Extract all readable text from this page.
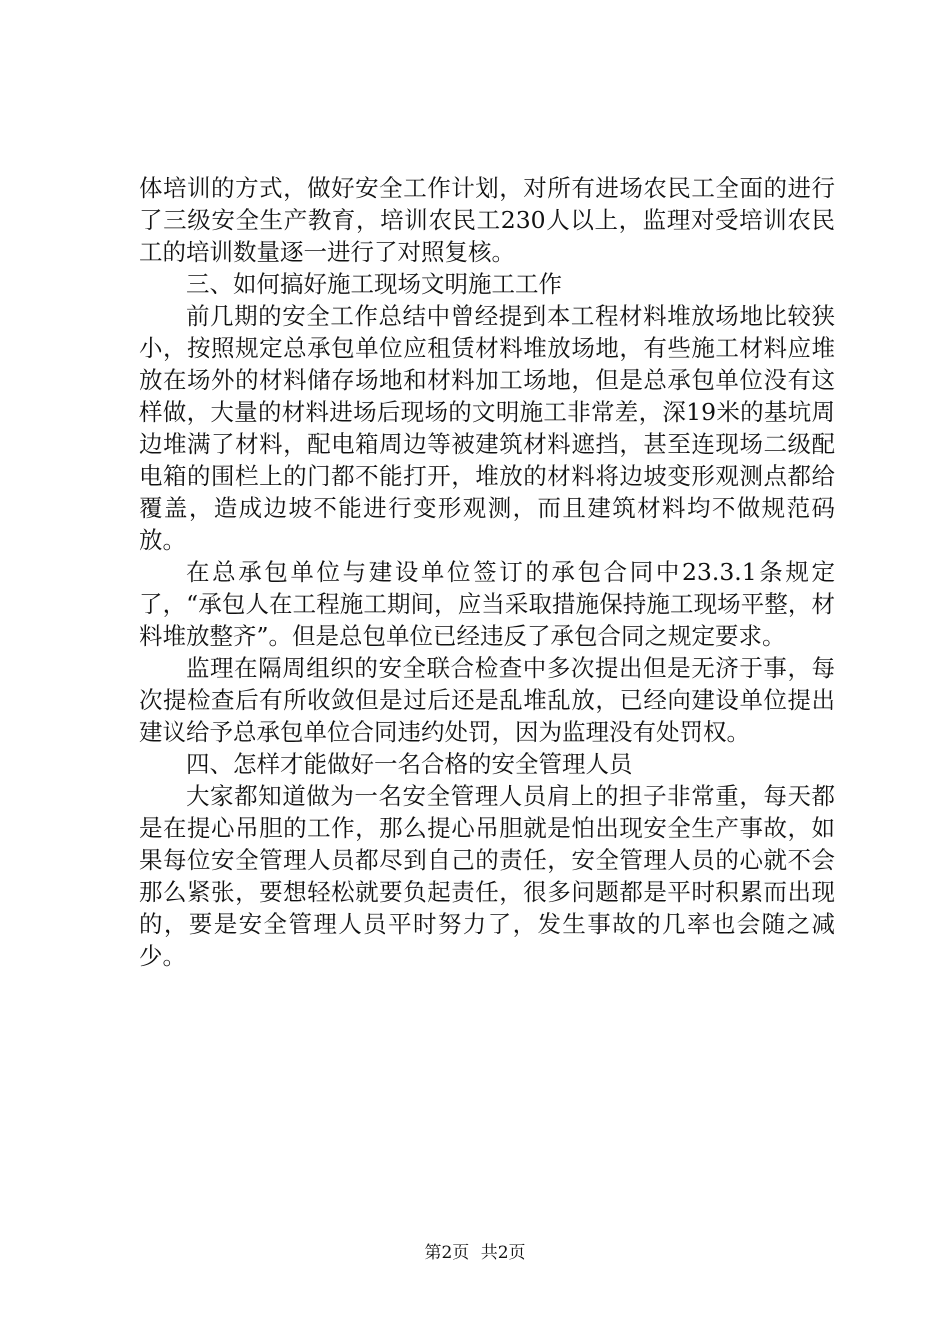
体培训的方式，做好安全工作计划，对所有进场农民工全面的进行了三级安全生产教育，培训农民工230人以上，监理对受培训农民工的培训数量逐一进行了对照复核。

三、如何搞好施工现场文明施工工作

前几期的安全工作总结中曾经提到本工程材料堆放场地比较狭小，按照规定总承包单位应租赁材料堆放场地，有些施工材料应堆放在场外的材料储存场地和材料加工场地，但是总承包单位没有这样做，大量的材料进场后现场的文明施工非常差，深19米的基坑周边堆满了材料，配电箱周边等被建筑材料遮挡，甚至连现场二级配电箱的围栏上的门都不能打开，堆放的材料将边坡变形观测点都给覆盖，造成边坡不能进行变形观测，而且建筑材料均不做规范码放。

在总承包单位与建设单位签订的承包合同中23.3.1条规定了，“承包人在工程施工期间，应当采取措施保持施工现场平整，材料堆放整齐”。但是总包单位已经违反了承包合同之规定要求。

监理在隔周组织的安全联合检查中多次提出但是无济于事，每次提检查后有所收敛但是过后还是乱堆乱放，已经向建设单位提出建议给予总承包单位合同违约处罚，因为监理没有处罚权。

四、怎样才能做好一名合格的安全管理人员

大家都知道做为一名安全管理人员肩上的担子非常重，每天都是在提心吊胆的工作，那么提心吊胆就是怕出现安全生产事故，如果每位安全管理人员都尽到自己的责任，安全管理人员的心就不会那么紧张，要想轻松就要负起责任，很多问题都是平时积累而出现的，要是安全管理人员平时努力了，发生事故的几率也会随之减少。

第2页 共2页
